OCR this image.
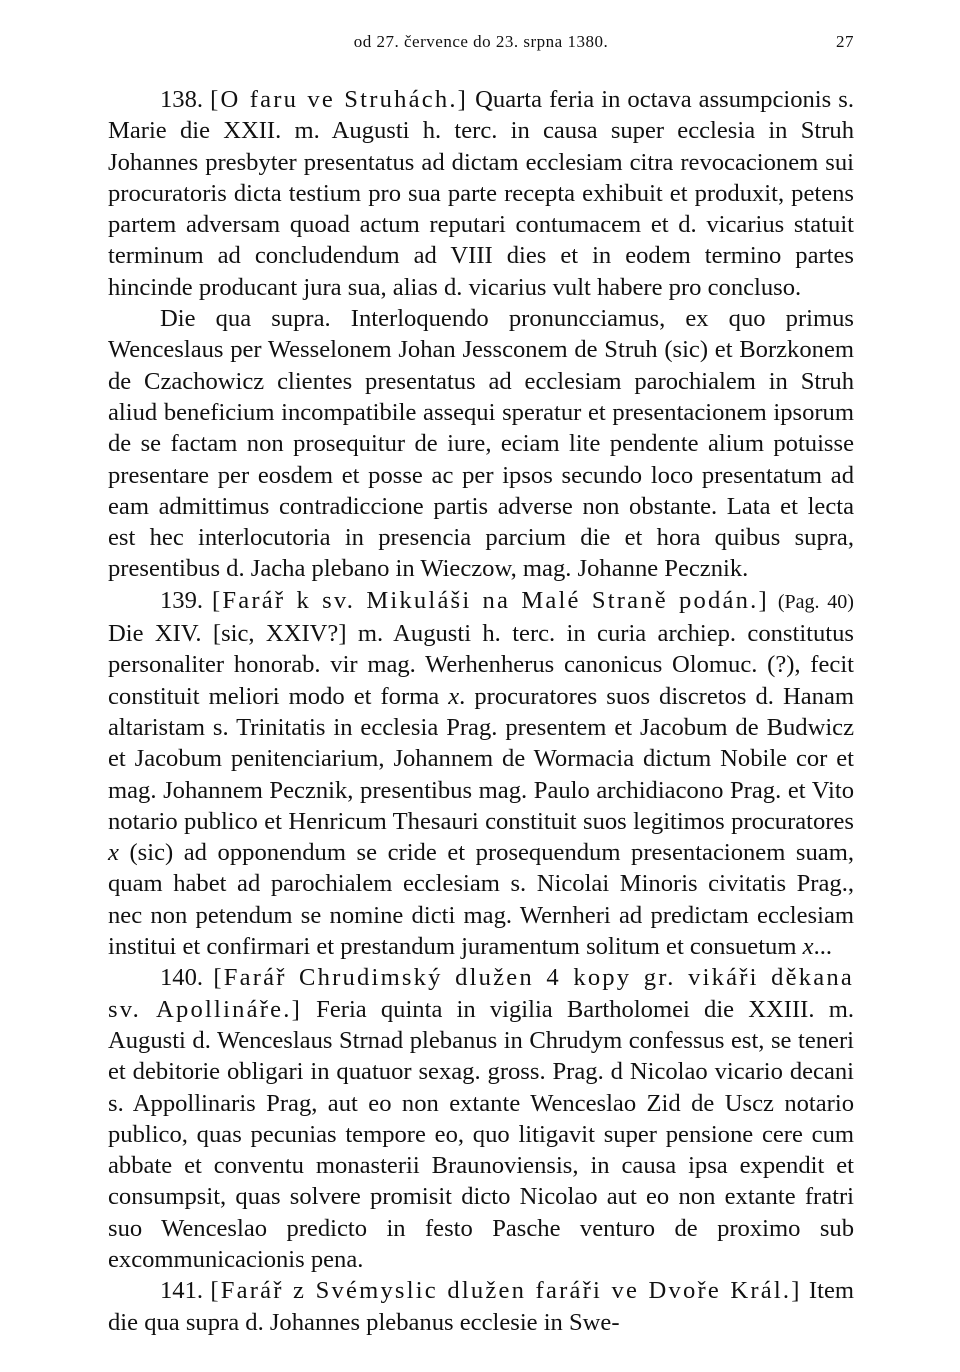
od 27. července do 23. srpna 1380.	27

138. [O faru ve Struhách.] Quarta feria in octava assumpcionis s. Marie die XXII. m. Augusti h. terc. in causa super ecclesia in Struh Johannes presbyter presentatus ad dictam ecclesiam citra revocacionem sui procuratoris dicta testium pro sua parte recepta exhibuit et produxit, petens partem adversam quoad actum reputari contumacem et d. vicarius statuit terminum ad concludendum ad VIII dies et in eodem termino partes hincinde producant jura sua, alias d. vicarius vult habere pro concluso.

Die qua supra. Interloquendo pronuncciamus, ex quo primus Wenceslaus per Wesselonem Johan Jessconem de Struh (sic) et Borzkonem de Czachowicz clientes presentatus ad ecclesiam parochialem in Struh aliud beneficium incompatibile assequi speratur et presentacionem ipsorum de se factam non prosequitur de iure, eciam lite pendente alium potuisse presentare per eosdem et posse ac per ipsos secundo loco presentatum ad eam admittimus contradiccione partis adverse non obstante. Lata et lecta est hec interlocutoria in presencia parcium die et hora quibus supra, presentibus d. Jacha plebano in Wieczow, mag. Johanne Pecznik.

139. [Farář k sv. Mikuláši na Malé Straně podán.] (Pag. 40) Die XIV. [sic, XXIV?] m. Augusti h. terc. in curia archiep. constitutus personaliter honorab. vir mag. Werhenherus canonicus Olomuc. (?), fecit constituit meliori modo et forma x. procuratores suos discretos d. Hanam altaristam s. Trinitatis in ecclesia Prag. presentem et Jacobum de Budwicz et Jacobum penitenciarium, Johannem de Wormacia dictum Nobile cor et mag. Johannem Pecznik, presentibus mag. Paulo archidiacono Prag. et Vito notario publico et Henricum Thesauri constituit suos legitimos procuratores x (sic) ad opponendum se cride et prosequendum presentacionem suam, quam habet ad parochialem ecclesiam s. Nicolai Minoris civitatis Prag., nec non petendum se nomine dicti mag. Wernheri ad predictam ecclesiam institui et confirmari et prestandum juramentum solitum et consuetum x...

140. [Farář Chrudimský dlužen 4 kopy gr. vikáři děkana sv. Apollináře.] Feria quinta in vigilia Bartholomei die XXIII. m. Augusti d. Wenceslaus Strnad plebanus in Chrudym confessus est, se teneri et debitorie obligari in quatuor sexag. gross. Prag. d Nicolao vicario decani s. Appollinaris Prag, aut eo non extante Wenceslao Zid de Uscz notario publico, quas pecunias tempore eo, quo litigavit super pensione cere cum abbate et conventu monasterii Braunoviensis, in causa ipsa expendit et consumpsit, quas solvere promisit dicto Nicolao aut eo non extante fratri suo Wenceslao predicto in festo Pasche venturo de proximo sub excommunicacionis pena.

141. [Farář z Svémyslic dlužen faráři ve Dvoře Král.] Item die qua supra d. Johannes plebanus ecclesie in Swe-
